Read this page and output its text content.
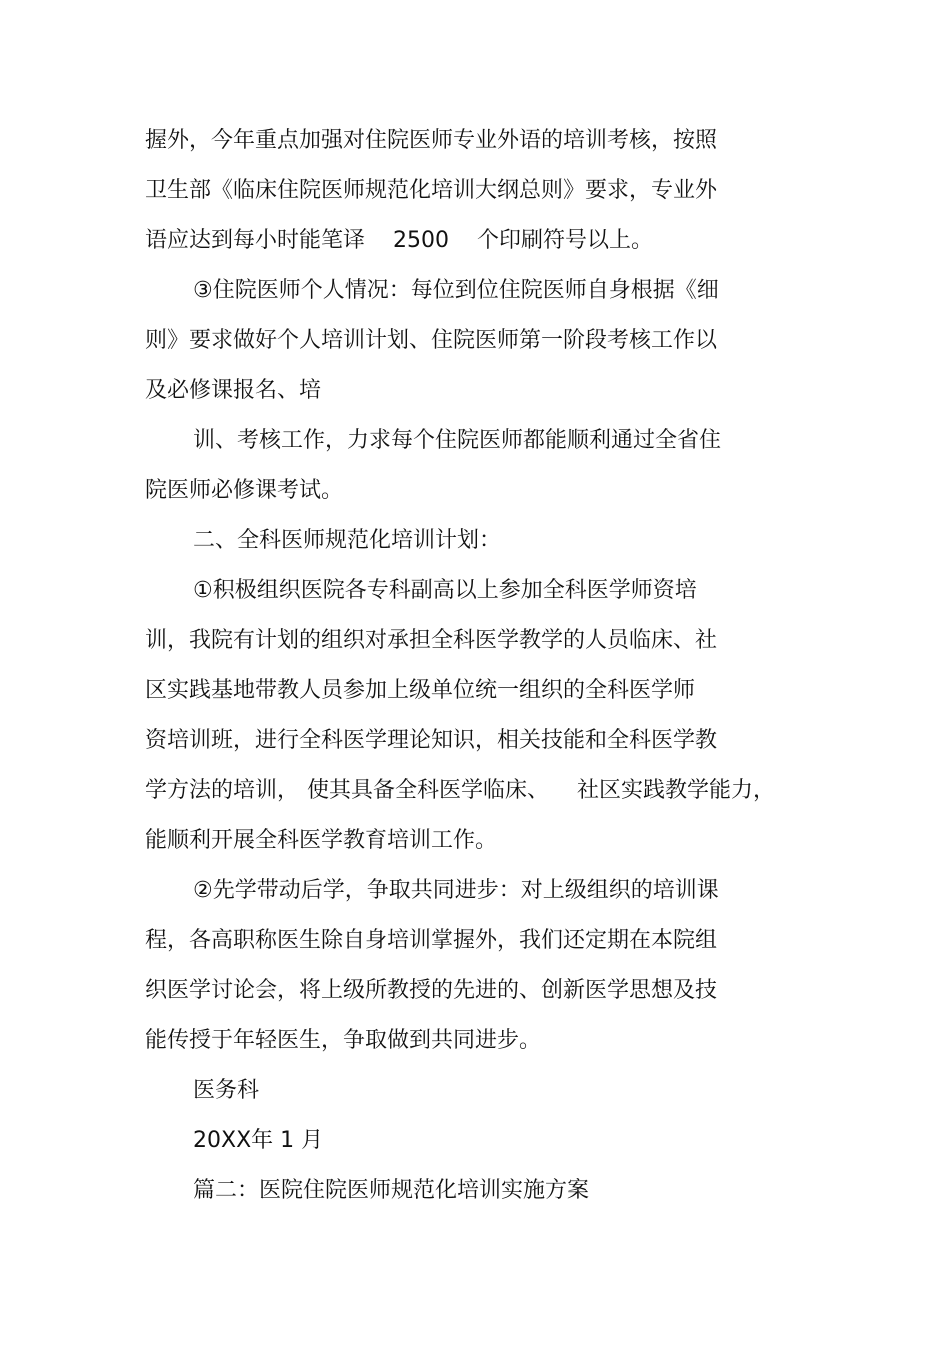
握外，今年重点加强对住院医师专业外语的培训考核，按照
卫生部《临床住院医师规范化培训大纲总则》要求，专业外
语应达到每小时能笔译 2500 个印刷符号以上。
③住院医师个人情况：每位到位住院医师自身根据《细
则》要求做好个人培训计划、住院医师第一阶段考核工作以
及必修课报名、培
训、考核工作，力求每个住院医师都能顺利通过全省住
院医师必修课考试。
二、全科医师规范化培训计划：
①积极组织医院各专科副高以上参加全科医学师资培
训，我院有计划的组织对承担全科医学教学的人员临床、社
区实践基地带教人员参加上级单位统一组织的全科医学师
资培训班，进行全科医学理论知识，相关技能和全科医学教
学方法的培训， 使其具备全科医学临床、 社区实践教学能力，
能顺利开展全科医学教育培训工作。
②先学带动后学，争取共同进步：对上级组织的培训课
程，各高职称医生除自身培训掌握外，我们还定期在本院组
织医学讨论会，将上级所教授的先进的、创新医学思想及技
能传授于年轻医生，争取做到共同进步。
医务科
20XX年 1 月
篇二：医院住院医师规范化培训实施方案
